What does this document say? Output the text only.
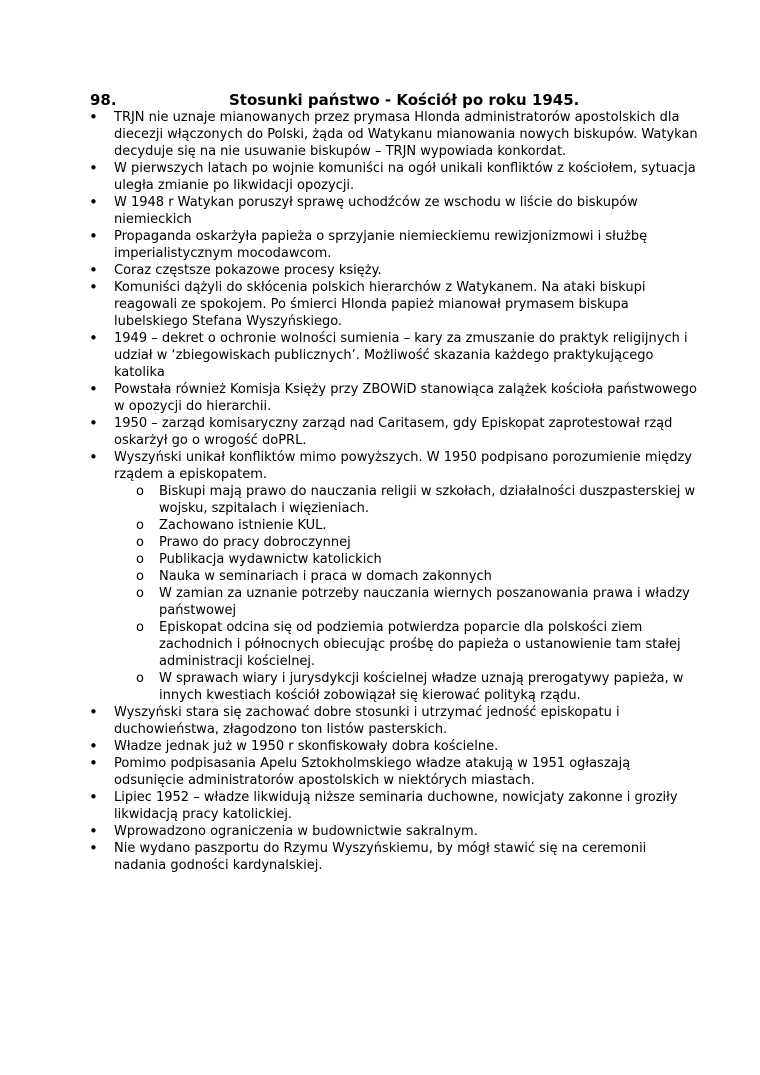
98.	Stosunki państwo - Kościół po roku 1945.
• TRJN nie uznaje mianowanych przez prymasa Hlonda administratorów apostolskich dla diecezji włączonych do Polski, żąda od Watykanu mianowania nowych biskupów. Watykan decyduje się na nie usuwanie biskupów – TRJN wypowiada konkordat.
• W pierwszych latach po wojnie komuniści na ogół unikali konfliktów z kościołem, sytuacja uległa zmianie po likwidacji opozycji.
• W 1948 r Watykan poruszył sprawę uchodźców ze wschodu w liście do biskupów niemieckich
• Propaganda oskarżyła papieża o sprzyjanie niemieckiemu rewizjonizmowi i służbę imperialistycznym mocodawcom.
• Coraz częstsze pokazowe procesy księży.
• Komuniści dążyli do skłócenia polskich hierarchów z Watykanem. Na ataki biskupi reagowali ze spokojem. Po śmierci Hlonda papież mianował prymasem biskupa lubelskiego Stefana Wyszyńskiego.
• 1949 – dekret o ochronie wolności sumienia – kary za zmuszanie do praktyk religijnych i udział w ‘zbiegowiskach publicznych’. Możliwość skazania każdego praktykującego katolika
• Powstała również Komisja Księży przy ZBOWiD stanowiąca zalążek kościoła państwowego w opozycji do hierarchii.
• 1950 – zarząd komisaryczny zarząd nad Caritasem, gdy Episkopat zaprotestował rząd oskarżył go o wrogość doPRL.
• Wyszyński unikał konfliktów mimo powyższych. W 1950 podpisano porozumienie między rządem a episkopatem.
o Biskupi mają prawo do nauczania religii w szkołach, działalności duszpasterskiej w wojsku, szpitalach i więzieniach.
o Zachowano istnienie KUL.
o Prawo do pracy dobroczynnej
o Publikacja wydawnictw katolickich
o Nauka w seminariach i praca w domach zakonnych
o W zamian za uznanie potrzeby nauczania wiernych poszanowania prawa i władzy państwowej
o Episkopat odcina się od podziemia potwierdza poparcie dla polskości ziem zachodnich i północnych obiecując prośbę do papieża o ustanowienie tam stałej administracji kościelnej.
o W sprawach wiary i jurysdykcji kościelnej władze uznają prerogatywy papieża, w innych kwestiach kościół zobowiązał się kierować polityką rządu.
• Wyszyński stara się zachować dobre stosunki i utrzymać jedność episkopatu i duchowieństwa, złagodzono ton listów pasterskich.
• Władze jednak już w 1950 r skonfiskowały dobra kościelne.
• Pomimo podpisasania Apelu Sztokholmskiego władze atakują w 1951 ogłaszają odsunięcie administratorów apostolskich w niektórych miastach.
• Lipiec 1952 – władze likwidują niższe seminaria duchowne, nowicjaty zakonne i groziły likwidacją pracy katolickiej.
• Wprowadzono ograniczenia w budownictwie sakralnym.
• Nie wydano paszportu do Rzymu Wyszyńskiemu, by mógł stawić się na ceremonii nadania godności kardynalskiej.
